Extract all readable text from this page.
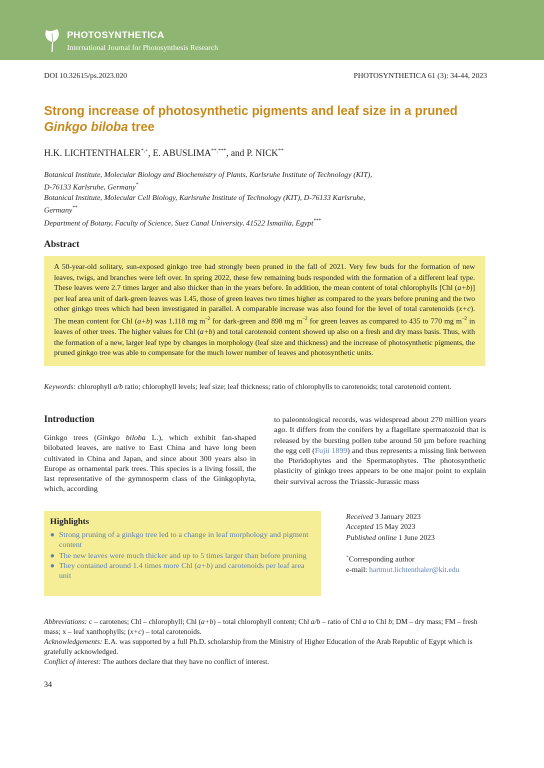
PHOTOSYNTHETICA
International Journal for Photosynthesis Research
DOI 10.32615/ps.2023.020	PHOTOSYNTHETICA 61 (3): 34-44, 2023
Strong increase of photosynthetic pigments and leaf size in a pruned Ginkgo biloba tree
H.K. LICHTENTHALER*,+, E. ABUSLIMA**,***, and P. NICK**
Botanical Institute, Molecular Biology and Biochemistry of Plants, Karlsruhe Institute of Technology (KIT),
D-76133 Karlsruhe, Germany*
Botanical Institute, Molecular Cell Biology, Karlsruhe Institute of Technology (KIT), D-76133 Karlsruhe,
Germany**
Department of Botany, Faculty of Science, Suez Canal University, 41522 Ismailia, Egypt***
Abstract
A 50-year-old solitary, sun-exposed ginkgo tree had strongly been pruned in the fall of 2021. Very few buds for the formation of new leaves, twigs, and branches were left over. In spring 2022, these few remaining buds responded with the formation of a different leaf type. These leaves were 2.7 times larger and also thicker than in the years before. In addition, the mean content of total chlorophylls [Chl (a+b)] per leaf area unit of dark-green leaves was 1.45, those of green leaves two times higher as compared to the years before pruning and the two other ginkgo trees which had been investigated in parallel. A comparable increase was also found for the level of total carotenoids (x+c). The mean content for Chl (a+b) was 1,118 mg $m^{-2}$ for dark-green and 898 mg $m^{-2}$ for green leaves as compared to 435 to 770 mg $m^{-2}$ in leaves of other trees. The higher values for Chl (a+b) and total carotenoid content showed up also on a fresh and dry mass basis. Thus, with the formation of a new, larger leaf type by changes in morphology (leaf size and thickness) and the increase of photosynthetic pigments, the pruned ginkgo tree was able to compensate for the much lower number of leaves and photosynthetic units.
Keywords: chlorophyll a/b ratio; chlorophyll levels; leaf size; leaf thickness; ratio of chlorophylls to carotenoids; total carotenoid content.
Introduction
Ginkgo trees (Ginkgo biloba L.), which exhibit fan-shaped bilobated leaves, are native to East China and have long been cultivated in China and Japan, and since about 300 years also in Europe as ornamental park trees. This species is a living fossil, the last representative of the gymnosperm class of the Ginkgophyta, which, according
to paleontological records, was widespread about 270 million years ago. It differs from the conifers by a flagellate spermatozoid that is released by the bursting pollen tube around 50 µm before reaching the egg cell (Fujii 1899) and thus represents a missing link between the Pteridophytes and the Spermatophytes. The photosynthetic plasticity of ginkgo trees appears to be one major point to explain their survival across the Triassic-Jurassic mass
Highlights
● Strong pruning of a ginkgo tree led to a change in leaf morphology and pigment content
● The new leaves were much thicker and up to 5 times larger than before pruning
● They contained around 1.4 times more Chl (a+b) and carotenoids per leaf area unit
Received 3 January 2023
Accepted 15 May 2023
Published online 1 June 2023
+Corresponding author
e-mail: hartmut.lichtenthaler@kit.edu
Abbreviations: c – carotenes; Chl – chlorophyll; Chl (a+b) – total chlorophyll content; Chl a/b – ratio of Chl a to Chl b; DM – dry mass; FM – fresh mass; x – leaf xanthophylls; (x+c) – total carotenoids.
Acknowledgements: E.A. was supported by a full Ph.D. scholarship from the Ministry of Higher Education of the Arab Republic of Egypt which is gratefully acknowledged.
Conflict of interest: The authors declare that they have no conflict of interest.
34
